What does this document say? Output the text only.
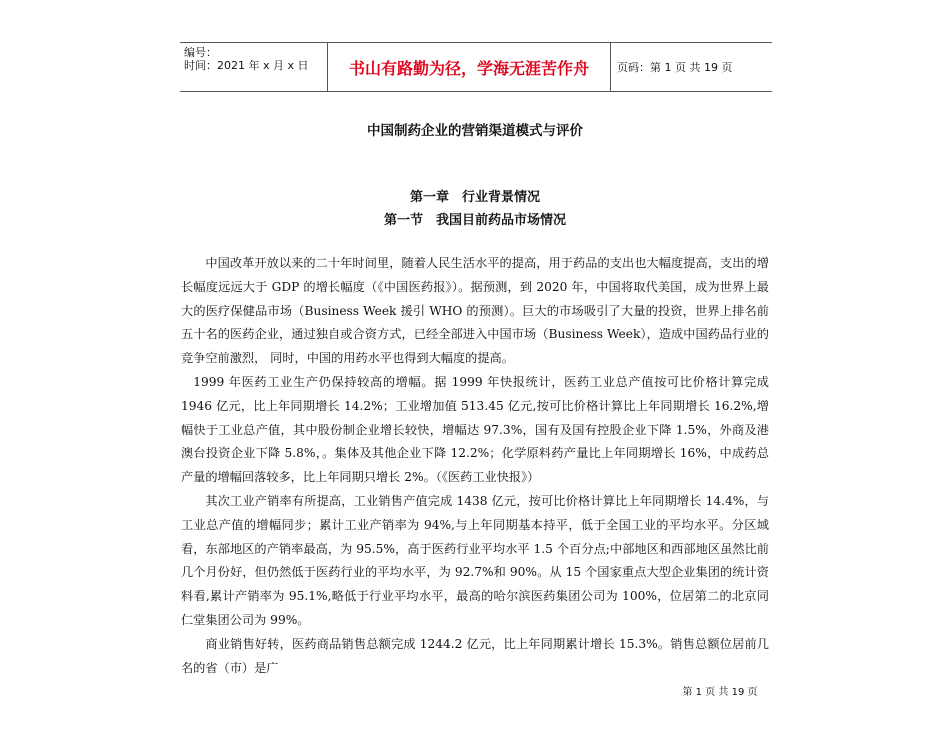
编号：
时间：2021 年 x 月 x 日	书山有路勤为径，学海无涯苦作舟	页码：第 1 页 共 19 页
中国制药企业的营销渠道模式与评价
第一章　行业背景情况
第一节　我国目前药品市场情况

中国改革开放以来的二十年时间里，随着人民生活水平的提高，用于药品的支出也大幅度提高，支出的增长幅度远远大于 GDP 的增长幅度（《中国医药报》）。据预测，到 2020 年，中国将取代美国，成为世界上最大的医疗保健品市场（Business Week 援引 WHO 的预测）。巨大的市场吸引了大量的投资，世界上排名前五十名的医药企业，通过独自或合资方式，已经全部进入中国市场（Business Week），造成中国药品行业的竞争空前激烈， 同时，中国的用药水平也得到大幅度的提高。

1999 年医药工业生产仍保持较高的增幅。据 1999 年快报统计，医药工业总产值按可比价格计算完成 1946 亿元，比上年同期增长 14.2%；工业增加值 513.45 亿元,按可比价格计算比上年同期增长 16.2%,增幅快于工业总产值，其中股份制企业增长较快，增幅达 97.3%，国有及国有控股企业下降 1.5%，外商及港澳台投资企业下降 5.8%，。集体及其他企业下降 12.2%；化学原料药产量比上年同期增长 16%，中成药总产量的增幅回落较多，比上年同期只增长 2%。（《医药工业快报》）

其次工业产销率有所提高，工业销售产值完成 1438 亿元，按可比价格计算比上年同期增长 14.4%，与工业总产值的增幅同步；累计工业产销率为 94%,与上年同期基本持平，低于全国工业的平均水平。分区域看，东部地区的产销率最高，为 95.5%，高于医药行业平均水平 1.5 个百分点;中部地区和西部地区虽然比前几个月份好，但仍然低于医药行业的平均水平，为 92.7%和 90%。从 15 个国家重点大型企业集团的统计资料看,累计产销率为 95.1%,略低于行业平均水平，最高的哈尔滨医药集团公司为 100%，位居第二的北京同仁堂集团公司为 99%。

商业销售好转，医药商品销售总额完成 1244.2 亿元，比上年同期累计增长 15.3%。销售总额位居前几名的省（市）是广

第 1 页 共 19 页
